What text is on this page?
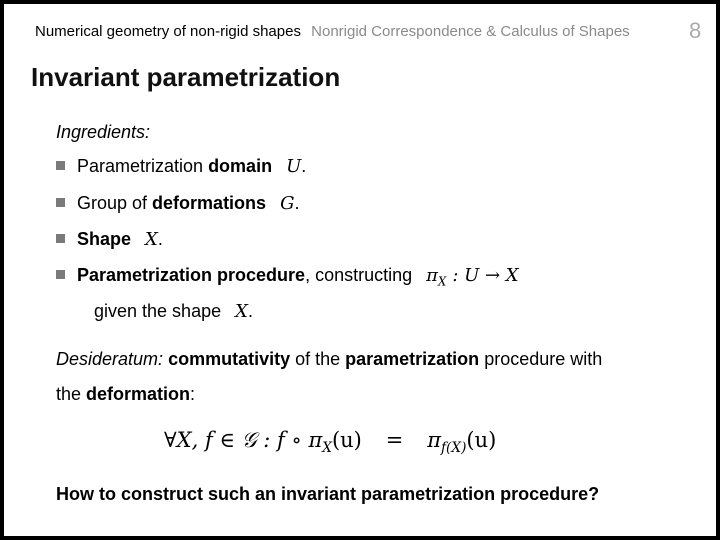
Numerical geometry of non-rigid shapes Nonrigid Correspondence & Calculus of Shapes	8
Invariant parametrization
Ingredients:
Parametrization domain U.
Group of deformations G.
Shape X.
Parametrization procedure, constructing $\pi_X$ : U → X
given the shape X.
Desideratum: commutativity of the parametrization procedure with
the deformation:
∀X, f ∈ 𝒢 : f ∘ $\pi_X(u) = \pi_{f(X)}(u)$
How to construct such an invariant parametrization procedure?
